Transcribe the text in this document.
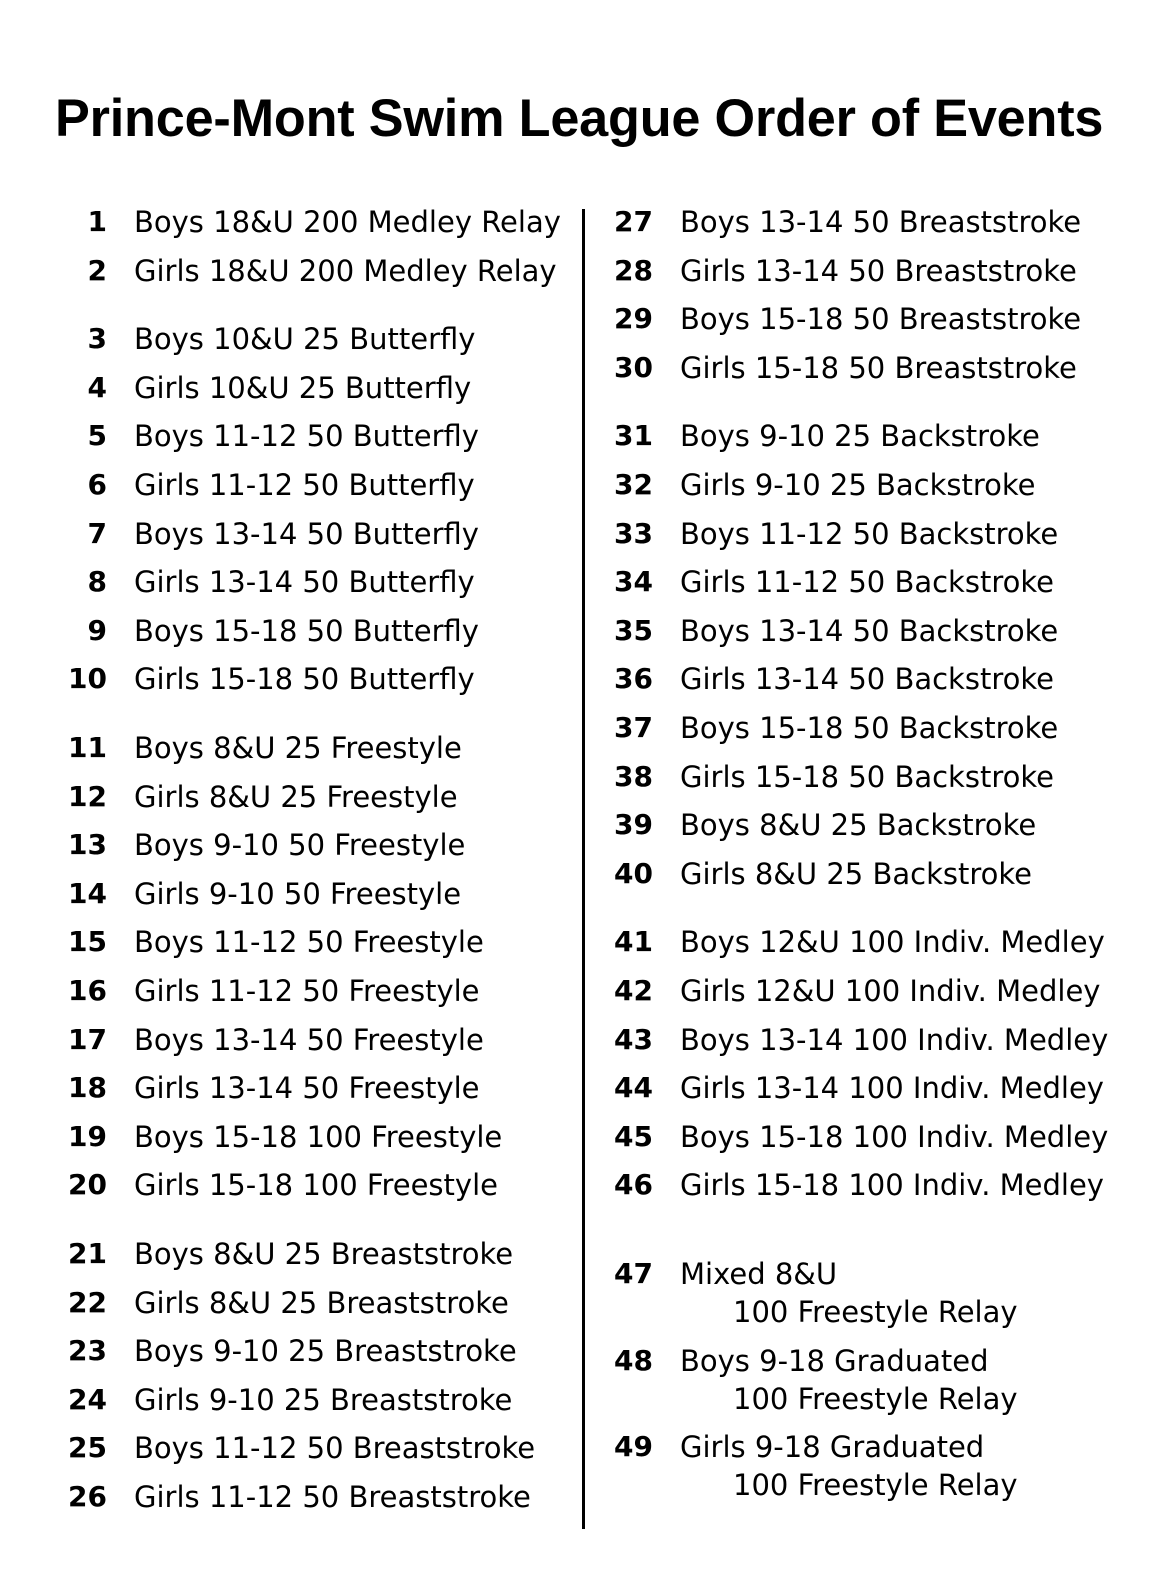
Prince-Mont Swim League Order of Events
1 Boys 18&U 200 Medley Relay
2 Girls 18&U 200 Medley Relay
3 Boys 10&U 25 Butterfly
4 Girls 10&U 25 Butterfly
5 Boys 11-12 50 Butterfly
6 Girls 11-12 50 Butterfly
7 Boys 13-14 50 Butterfly
8 Girls 13-14 50 Butterfly
9 Boys 15-18 50 Butterfly
10 Girls 15-18 50 Butterfly
11 Boys 8&U 25 Freestyle
12 Girls 8&U 25 Freestyle
13 Boys 9-10 50 Freestyle
14 Girls 9-10 50 Freestyle
15 Boys 11-12 50 Freestyle
16 Girls 11-12 50 Freestyle
17 Boys 13-14 50 Freestyle
18 Girls 13-14 50 Freestyle
19 Boys 15-18 100 Freestyle
20 Girls 15-18 100 Freestyle
21 Boys 8&U 25 Breaststroke
22 Girls 8&U 25 Breaststroke
23 Boys 9-10 25 Breaststroke
24 Girls 9-10 25 Breaststroke
25 Boys 11-12 50 Breaststroke
26 Girls 11-12 50 Breaststroke
27 Boys 13-14 50 Breaststroke
28 Girls 13-14 50 Breaststroke
29 Boys 15-18 50 Breaststroke
30 Girls 15-18 50 Breaststroke
31 Boys 9-10 25 Backstroke
32 Girls 9-10 25 Backstroke
33 Boys 11-12 50 Backstroke
34 Girls 11-12 50 Backstroke
35 Boys 13-14 50 Backstroke
36 Girls 13-14 50 Backstroke
37 Boys 15-18 50 Backstroke
38 Girls 15-18 50 Backstroke
39 Boys 8&U 25 Backstroke
40 Girls 8&U 25 Backstroke
41 Boys 12&U 100 Indiv. Medley
42 Girls 12&U 100 Indiv. Medley
43 Boys 13-14 100 Indiv. Medley
44 Girls 13-14 100 Indiv. Medley
45 Boys 15-18 100 Indiv. Medley
46 Girls 15-18 100 Indiv. Medley
47 Mixed 8&U
100 Freestyle Relay
48 Boys 9-18 Graduated
100 Freestyle Relay
49 Girls 9-18 Graduated
100 Freestyle Relay
